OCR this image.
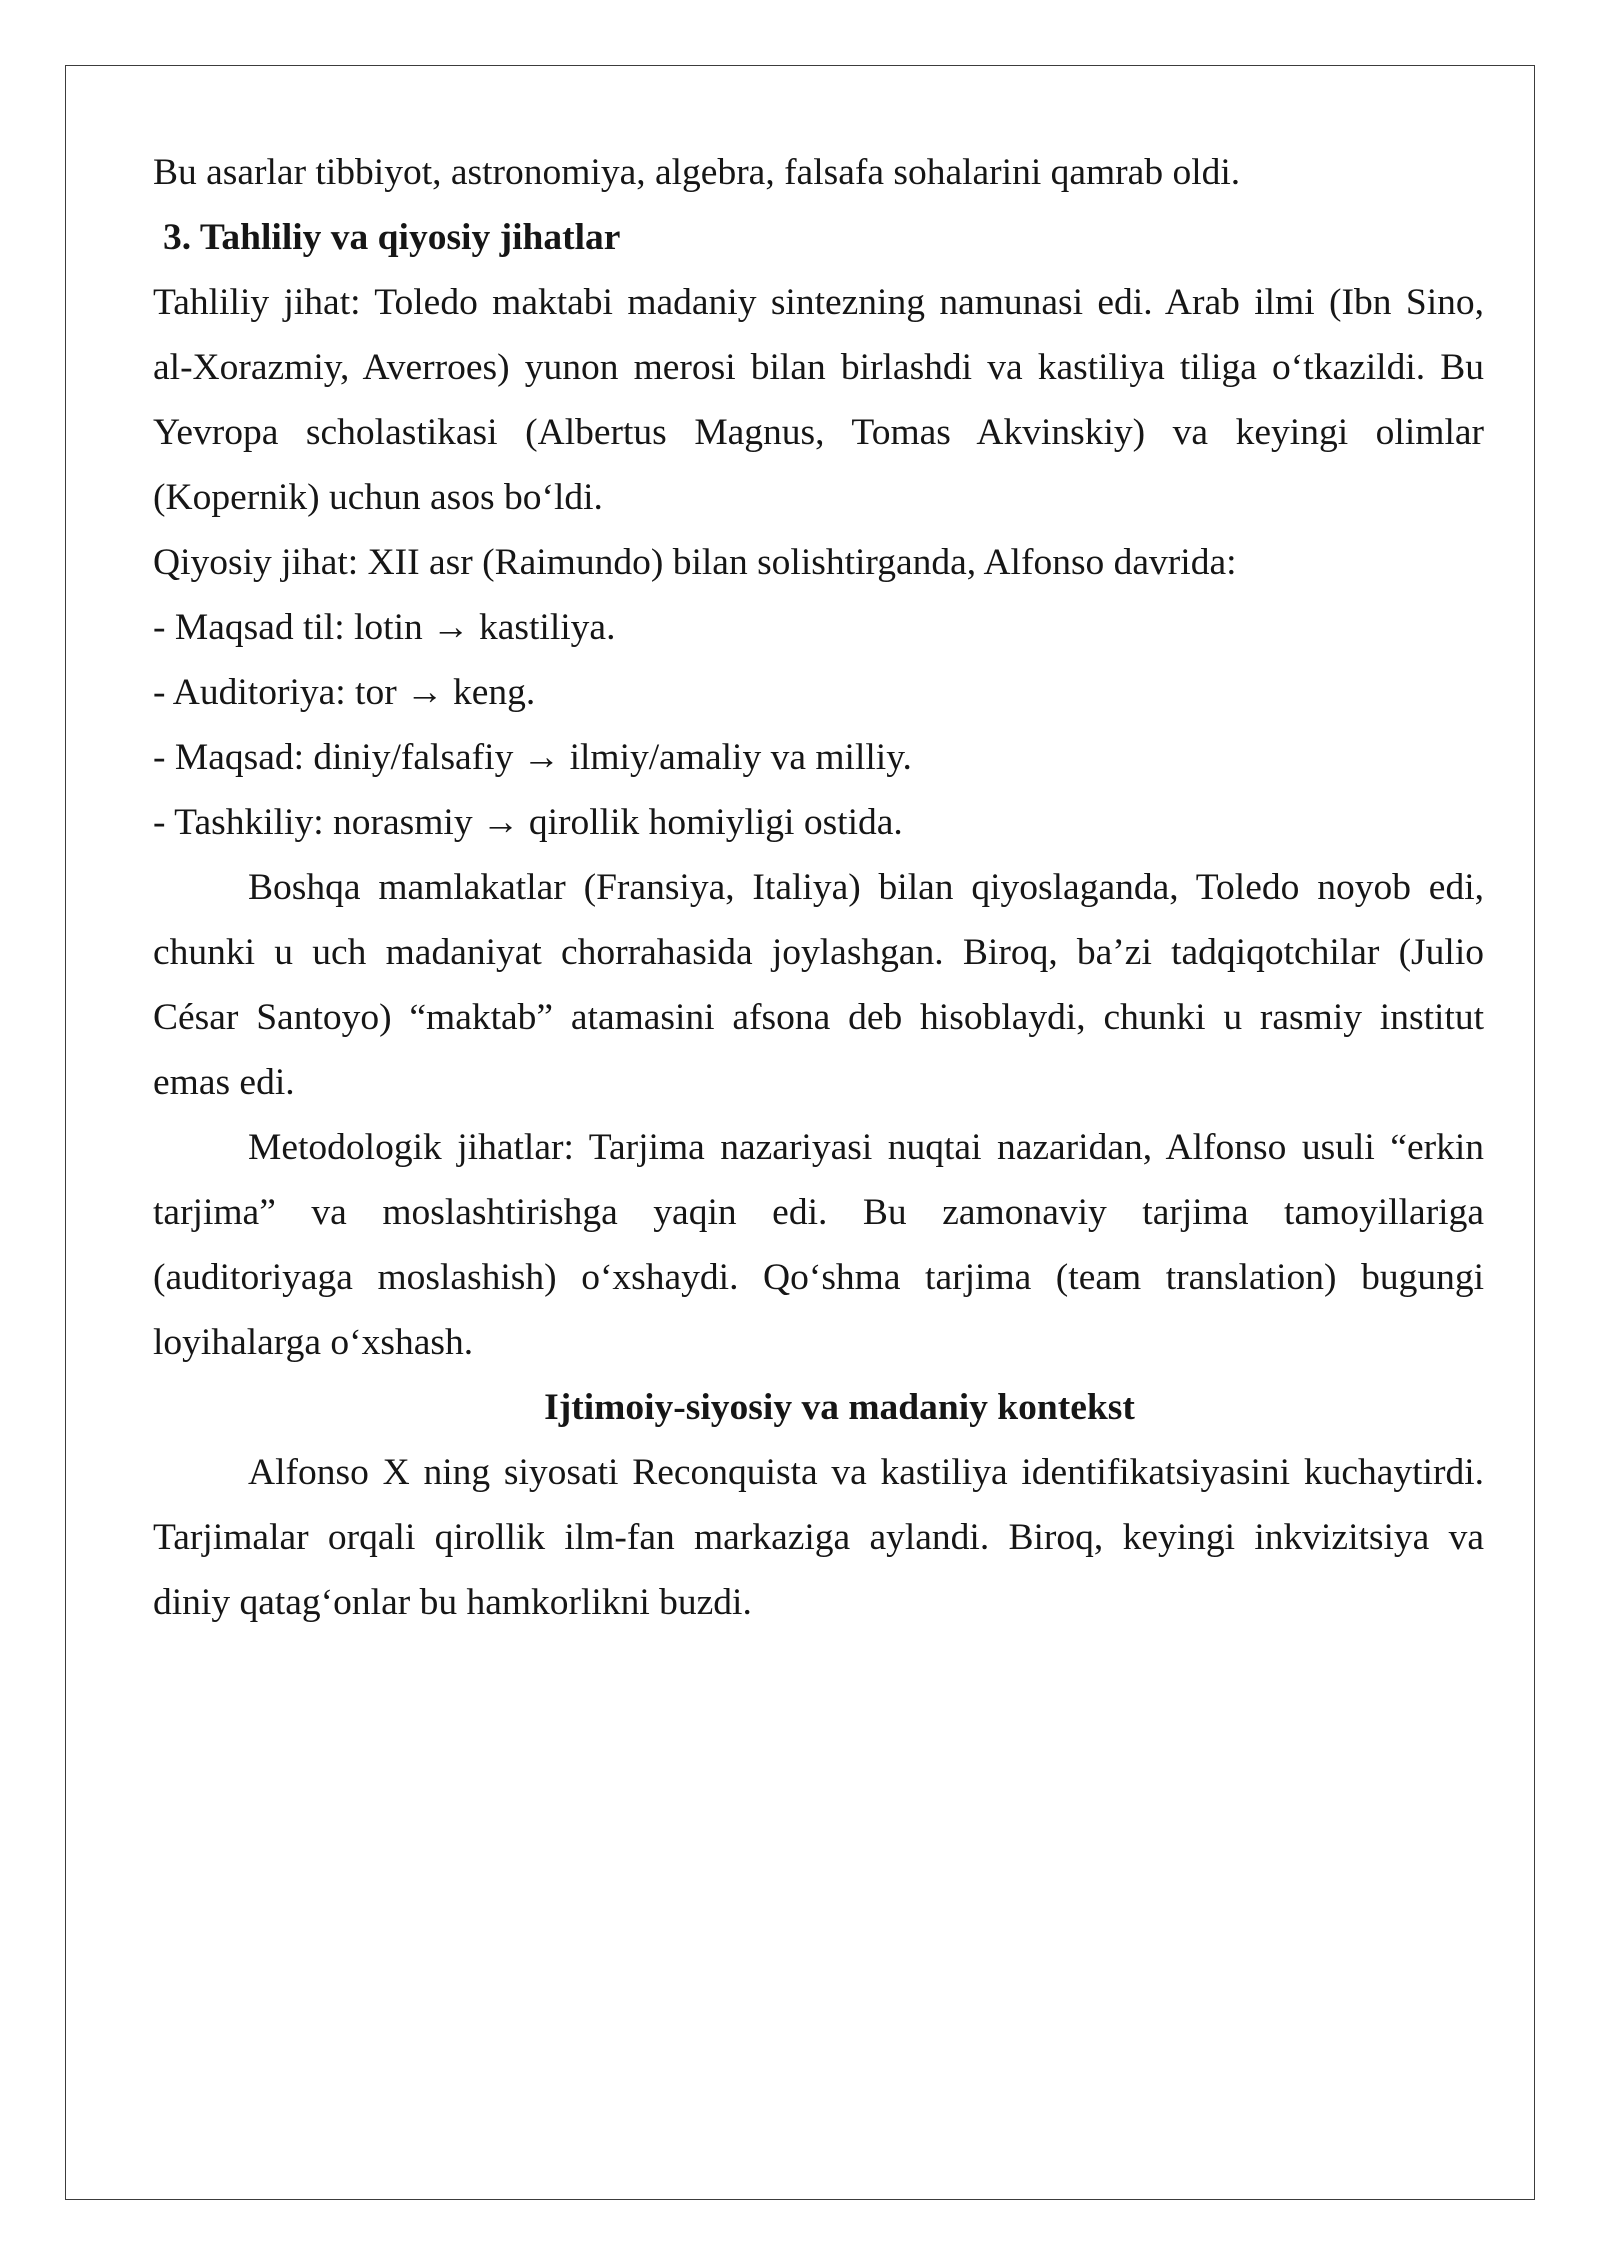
Bu asarlar tibbiyot, astronomiya, algebra, falsafa sohalarini qamrab oldi.
3. Tahliliy va qiyosiy jihatlar
Tahliliy jihat: Toledo maktabi madaniy sintezning namunasi edi. Arab ilmi (Ibn Sino,
al-Xorazmiy, Averroes) yunon merosi bilan birlashdi va kastiliya tiliga o‘tkazildi. Bu
Yevropa scholastikasi (Albertus Magnus, Tomas Akvinskiy) va keyingi olimlar
(Kopernik) uchun asos bo‘ldi.
Qiyosiy jihat: XII asr (Raimundo) bilan solishtirganda, Alfonso davrida:
- Maqsad til: lotin → kastiliya.
- Auditoriya: tor → keng.
- Maqsad: diniy/falsafiy → ilmiy/amaliy va milliy.
- Tashkiliy: norasmiy → qirollik homiyligi ostida.
Boshqa mamlakatlar (Fransiya, Italiya) bilan qiyoslaganda, Toledo noyob edi,
chunki u uch madaniyat chorrahasida joylashgan. Biroq, ba’zi tadqiqotchilar (Julio
César Santoyo) “maktab” atamasini afsona deb hisoblaydi, chunki u rasmiy institut
emas edi.
Metodologik jihatlar: Tarjima nazariyasi nuqtai nazaridan, Alfonso usuli “erkin
tarjima” va moslashtirishga yaqin edi. Bu zamonaviy tarjima tamoyillariga
(auditoriyaga moslashish) o‘xshaydi. Qo‘shma tarjima (team translation) bugungi
loyihalarga o‘xshash.
Ijtimoiy-siyosiy va madaniy kontekst
Alfonso X ning siyosati Reconquista va kastiliya identifikatsiyasini kuchaytirdi.
Tarjimalar orqali qirollik ilm-fan markaziga aylandi. Biroq, keyingi inkvizitsiya va
diniy qatag‘onlar bu hamkorlikni buzdi.
